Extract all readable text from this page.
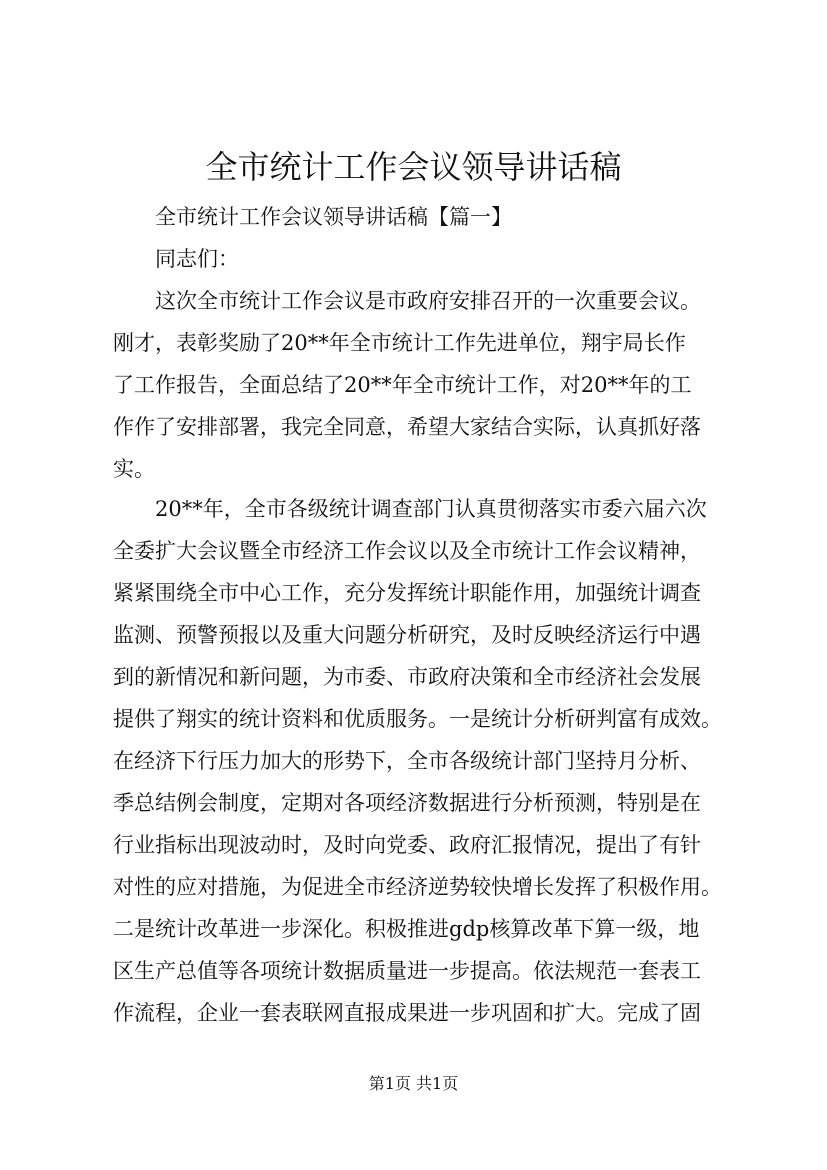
全市统计工作会议领导讲话稿

全市统计工作会议领导讲话稿【篇一】

同志们：

这次全市统计工作会议是市政府安排召开的一次重要会议。

刚才，表彰奖励了20**年全市统计工作先进单位，翔宇局长作

了工作报告，全面总结了20**年全市统计工作，对20**年的工

作作了安排部署，我完全同意，希望大家结合实际，认真抓好落

实。

20**年，全市各级统计调查部门认真贯彻落实市委六届六次

全委扩大会议暨全市经济工作会议以及全市统计工作会议精神，

紧紧围绕全市中心工作，充分发挥统计职能作用，加强统计调查

监测、预警预报以及重大问题分析研究，及时反映经济运行中遇

到的新情况和新问题，为市委、市政府决策和全市经济社会发展

提供了翔实的统计资料和优质服务。一是统计分析研判富有成效。

在经济下行压力加大的形势下，全市各级统计部门坚持月分析、

季总结例会制度，定期对各项经济数据进行分析预测，特别是在

行业指标出现波动时，及时向党委、政府汇报情况，提出了有针

对性的应对措施，为促进全市经济逆势较快增长发挥了积极作用。

二是统计改革进一步深化。积极推进gdp核算改革下算一级，地

区生产总值等各项统计数据质量进一步提高。依法规范一套表工

作流程，企业一套表联网直报成果进一步巩固和扩大。完成了固

第1页 共1页
